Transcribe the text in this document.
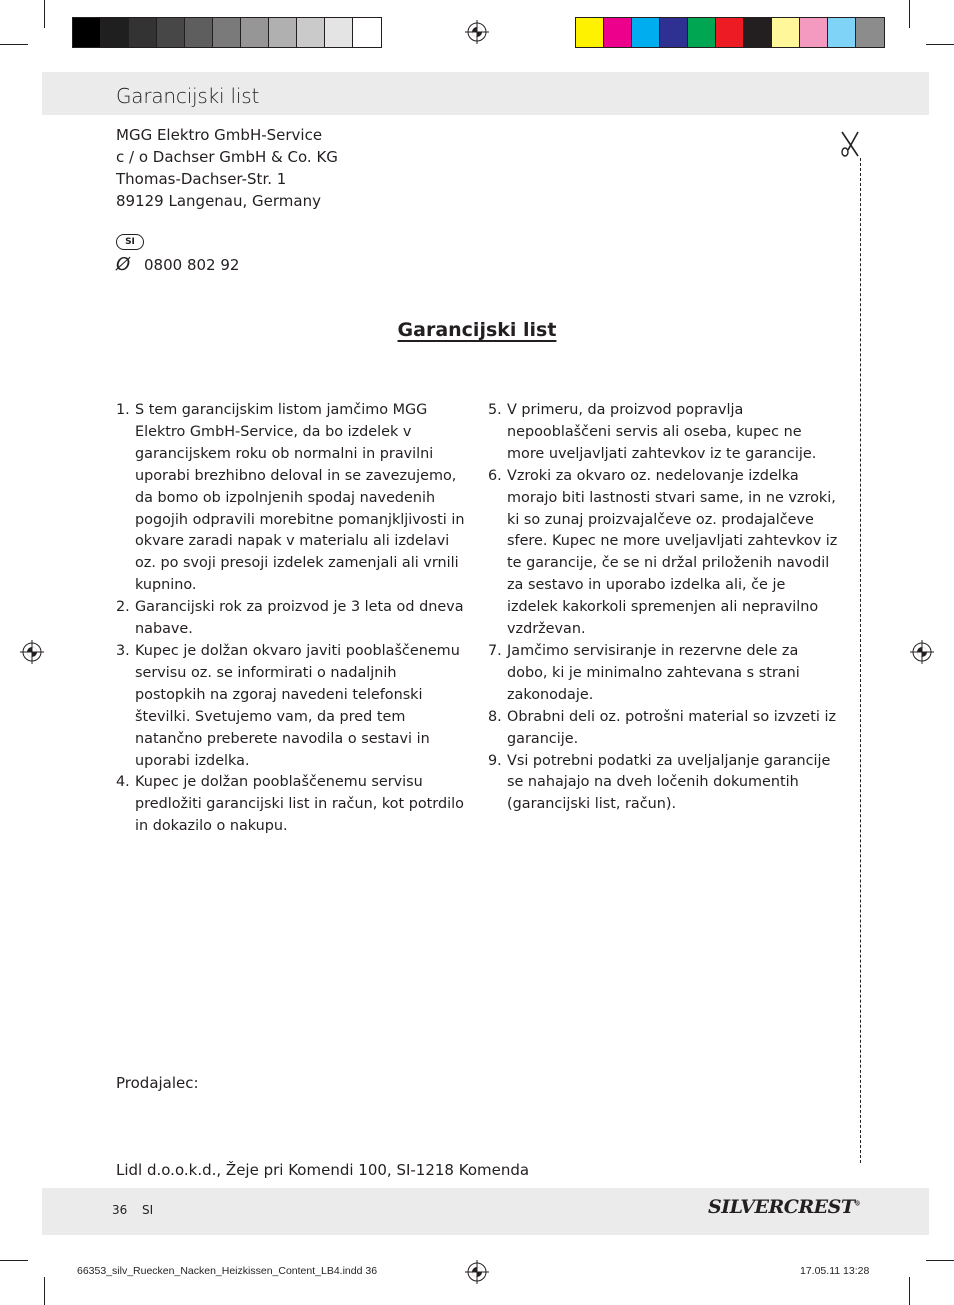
Garancijski list
MGG Elektro GmbH-Service
c / o Dachser GmbH & Co. KG
Thomas-Dachser-Str. 1
89129 Langenau, Germany
SI
Ø 0800 802 92
Garancijski list
1. S tem garancijskim listom jamčimo MGG Elektro GmbH-Service, da bo izdelek v garancijskem roku ob normalni in pravilni uporabi brezhibno deloval in se zavezujemo, da bomo ob izpolnjenih spodaj navedenih pogojih odpravili morebitne pomanjkljivosti in okvare zaradi napak v materialu ali izdelavi oz. po svoji presoji izdelek zamenjali ali vrnili kupnino.
2. Garancijski rok za proizvod je 3 leta od dneva nabave.
3. Kupec je dolžan okvaro javiti pooblaščenemu servisu oz. se informirati o nadaljnih postopkih na zgoraj navedeni telefonski številki. Svetujemo vam, da pred tem natančno preberete navodila o sestavi in uporabi izdelka.
4. Kupec je dolžan pooblaščenemu servisu predložiti garancijski list in račun, kot potrdilo in dokazilo o nakupu.
5. V primeru, da proizvod popravlja nepooblaščeni servis ali oseba, kupec ne more uveljavljati zahtevkov iz te garancije.
6. Vzroki za okvaro oz. nedelovanje izdelka morajo biti lastnosti stvari same, in ne vzroki, ki so zunaj proizvajalčeve oz. prodajalčeve sfere. Kupec ne more uveljavljati zahtevkov iz te garancije, če se ni držal priloženih navodil za sestavo in uporabo izdelka ali, če je izdelek kakorkoli spremenjen ali nepravilno vzdrževan.
7. Jamčimo servisiranje in rezervne dele za dobo, ki je minimalno zahtevana s strani zakonodaje.
8. Obrabni deli oz. potrošni material so izvzeti iz garancije.
9. Vsi potrebni podatki za uveljaljanje garancije se nahajajo na dveh ločenih dokumentih (garancijski list, račun).
Prodajalec:
Lidl d.o.o.k.d., Žeje pri Komendi 100, SI-1218 Komenda
36 SI	SILVERCREST®
66353_silv_Ruecken_Nacken_Heizkissen_Content_LB4.indd 36	17.05.11 13:28
